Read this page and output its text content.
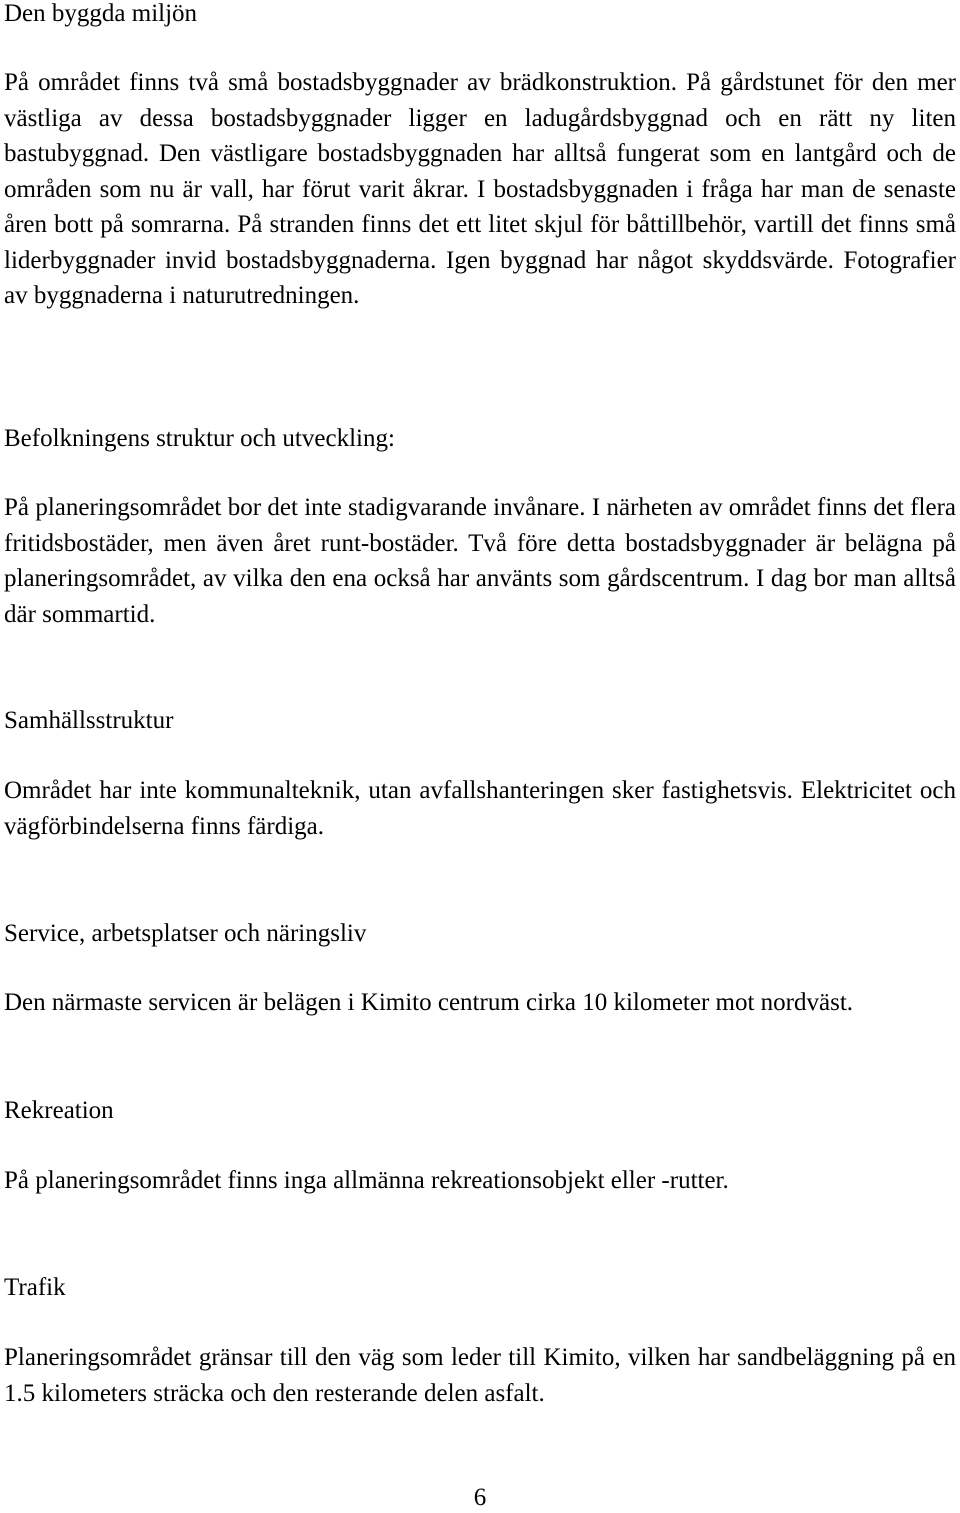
Den byggda miljön

På området finns två små bostadsbyggnader av brädkonstruktion. På gårdstunet för den mer västliga av dessa bostadsbyggnader ligger en ladugårdsbyggnad och en rätt ny liten bastubyggnad. Den västligare bostadsbyggnaden har alltså fungerat som en lantgård och de områden som nu är vall, har förut varit åkrar. I bostadsbyggnaden i fråga har man de senaste åren bott på somrarna. På stranden finns det ett litet skjul för båttillbehör, vartill det finns små liderbyggnader invid bostadsbyggnaderna. Igen byggnad har något skyddsvärde. Fotografier av byggnaderna i naturutredningen.

Befolkningens struktur och utveckling:

På planeringsområdet bor det inte stadigvarande invånare. I närheten av området finns det flera fritidsbostäder, men även året runt-bostäder. Två före detta bostadsbyggnader är belägna på planeringsområdet, av vilka den ena också har använts som gårdscentrum. I dag bor man alltså där sommartid.

Samhällsstruktur

Området har inte kommunalteknik, utan avfallshanteringen sker fastighetsvis. Elektricitet och vägförbindelserna finns färdiga.

Service, arbetsplatser och näringsliv

Den närmaste servicen är belägen i Kimito centrum cirka 10 kilometer mot nordväst.

Rekreation

På planeringsområdet finns inga allmänna rekreationsobjekt eller -rutter.

Trafik

Planeringsområdet gränsar till den väg som leder till Kimito, vilken har sandbeläggning på en 1.5 kilometers sträcka och den resterande delen asfalt.

6
